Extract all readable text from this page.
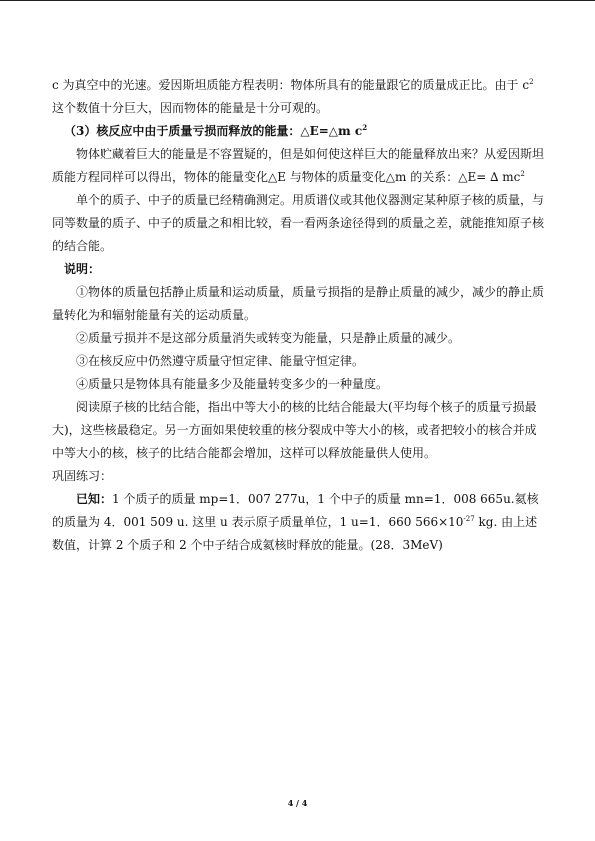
c 为真空中的光速。爱因斯坦质能方程表明：物体所具有的能量跟它的质量成正比。由于 $c^2$
这个数值十分巨大，因而物体的能量是十分可观的。

（3）核反应中由于质量亏损而释放的能量：△E=△m $c^2$

物体贮藏着巨大的能量是不容置疑的，但是如何使这样巨大的能量释放出来？从爱因斯坦质能方程同样可以得出，物体的能量变化△E 与物体的质量变化△m 的关系：△E= ∆ $mc^2$

单个的质子、中子的质量已经精确测定。用质谱仪或其他仪器测定某种原子核的质量，与同等数量的质子、中子的质量之和相比较，看一看两条途径得到的质量之差，就能推知原子核的结合能。

说明：

①物体的质量包括静止质量和运动质量，质量亏损指的是静止质量的减少，减少的静止质量转化为和辐射能量有关的运动质量。

②质量亏损并不是这部分质量消失或转变为能量，只是静止质量的减少。

③在核反应中仍然遵守质量守恒定律、能量守恒定律。

④质量只是物体具有能量多少及能量转变多少的一种量度。

阅读原子核的比结合能，指出中等大小的核的比结合能最大(平均每个核子的质量亏损最大)，这些核最稳定。另一方面如果使较重的核分裂成中等大小的核，或者把较小的核合并成中等大小的核，核子的比结合能都会增加，这样可以释放能量供人使用。

巩固练习：

已知：1 个质子的质量 mp=1．007 277u，1 个中子的质量 mn=1．008 665u.氦核的质量为 4．001 509 u. 这里 u 表示原子质量单位，1 u=1．660 $566\times 10^{-27}$ kg. 由上述数值，计算 2 个质子和 2 个中子结合成氦核时释放的能量。(28．3MeV)

4 / 4
